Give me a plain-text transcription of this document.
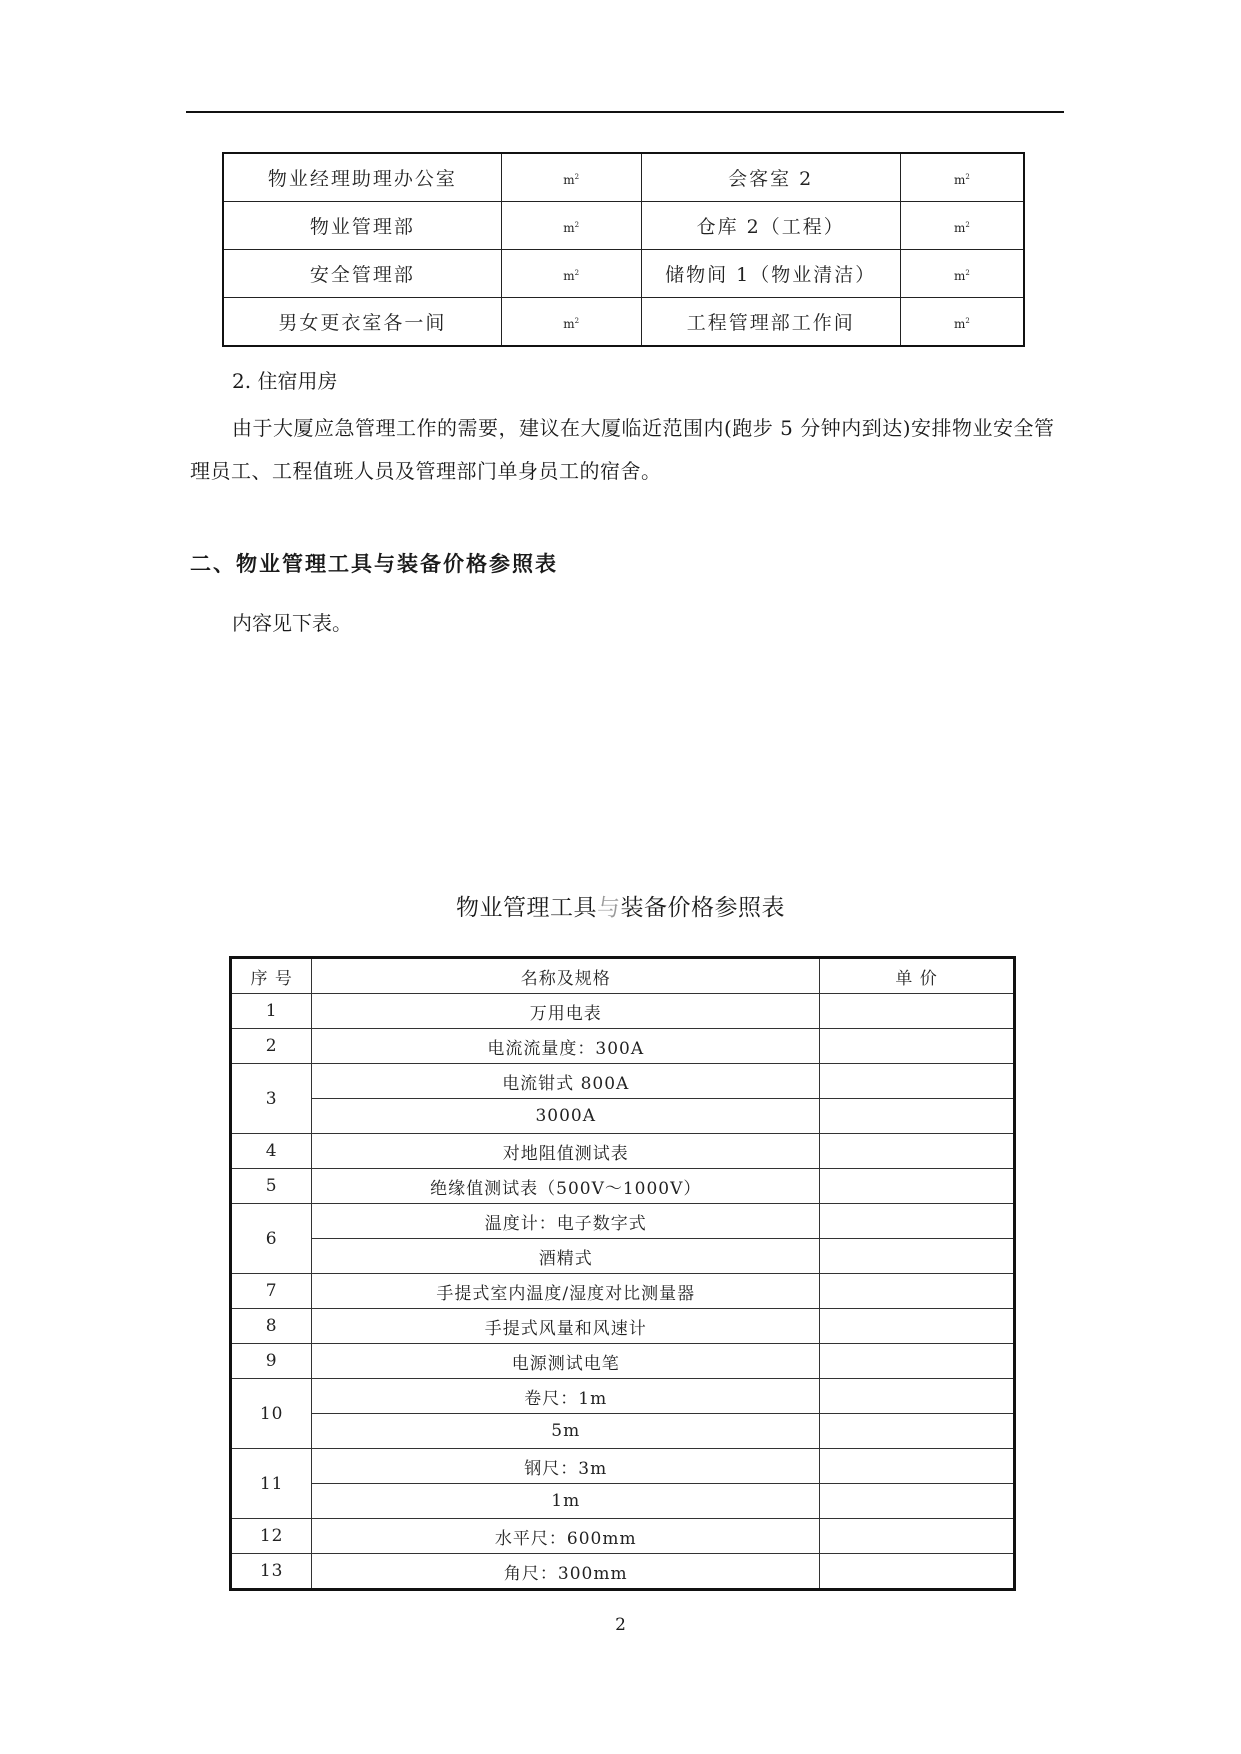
物业经理助理办公室	$m^2$	会客室 2	$m^2$
物业管理部	$m^2$	仓库 2（工程）	$m^2$
安全管理部	$m^2$	储物间 1（物业清洁）	$m^2$
男女更衣室各一间	$m^2$	工程管理部工作间	$m^2$
2. 住宿用房

由于大厦应急管理工作的需要，建议在大厦临近范围内(跑步 5 分钟内到达)安排物业安全管理员工、工程值班人员及管理部门单身员工的宿舍。

二、物业管理工具与装备价格参照表
内容见下表。
物业管理工具与装备价格参照表
序 号	名称及规格	单 价
1	万用电表	
2	电流流量度：300A	
3	电流钳式 800A	
	3000A	
4	对地阻值测试表	
5	绝缘值测试表（500V～1000V）	
6	温度计：电子数字式	
	酒精式	
7	手提式室内温度/湿度对比测量器	
8	手提式风量和风速计	
9	电源测试电笔	
10	卷尺：1m	
	5m	
11	钢尺：3m	
	1m	
12	水平尺：600mm	
13	角尺：300mm	
2
